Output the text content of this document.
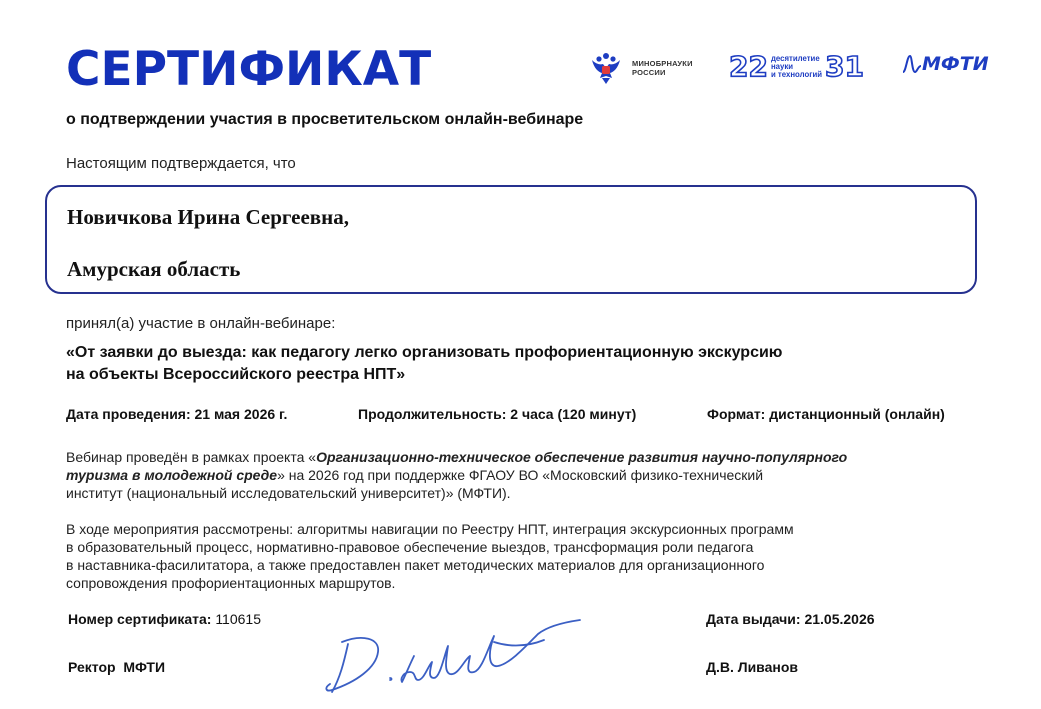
СЕРТИФИКАТ	МИНОБРНАУКИ
РОССИИ	22 десятилетие
науки
и технологий 31	МФТИ
о подтверждении участия в просветительском онлайн-вебинаре
Настоящим подтверждается, что
Новичкова Ирина Сергеевна,
Амурская область
принял(а) участие в онлайн-вебинаре:
«От заявки до выезда: как педагогу легко организовать профориентационную экскурсию
на объекты Всероссийского реестра НПТ»
Дата проведения: 21 мая 2026 г.	Продолжительность: 2 часа (120 минут)	Формат: дистанционный (онлайн)
Вебинар проведён в рамках проекта «Организационно-техническое обеспечение развития научно-популярного
туризма в молодежной среде» на 2026 год при поддержке ФГАОУ ВО «Московский физико-технический
институт (национальный исследовательский университет)» (МФТИ).
В ходе мероприятия рассмотрены: алгоритмы навигации по Реестру НПТ, интеграция экскурсионных программ
в образовательный процесс, нормативно-правовое обеспечение выездов, трансформация роли педагога
в наставника-фасилитатора, а также предоставлен пакет методических материалов для организационного
сопровождения профориентационных маршрутов.
Номер сертификата: 110615	Дата выдачи: 21.05.2026
Ректор  МФТИ	Д.В. Ливанов
